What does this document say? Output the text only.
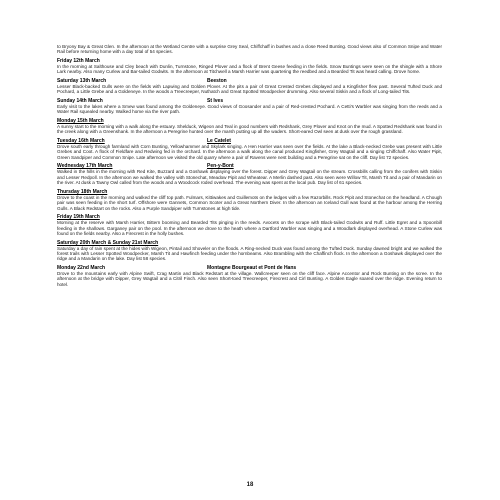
to Bryony Bay & Great Glen. In the afternoon at the Wetland Centre with a surprise Grey Seal, Chiffchaff in bushes and a close Reed Bunting. Good views also of Common Snipe and Water Rail before returning home with a day total of 54 species.

Friday 12th March

In the morning at Salthouse and Cley beach with Dunlin, Turnstone, Ringed Plover and a flock of Brent Geese feeding in the fields. Snow Buntings were seen on the shingle with a Shore Lark nearby. Also many Curlew and Bar-tailed Godwits. In the afternoon at Titchwell a Marsh Harrier was quartering the reedbed and a Bearded Tit was heard calling. Drove home.

Saturday 13th March	Beeston

Lesser Black-backed Gulls were on the fields with Lapwing and Golden Plover. At the pits a pair of Great Crested Grebes displayed and a Kingfisher flew past. Several Tufted Duck and Pochard, a Little Grebe and a Goldeneye. In the woods a Treecreeper, Nuthatch and Great Spotted Woodpecker drumming. Also several Siskin and a flock of Long-tailed Tits.

Sunday 14th March	St Ives

Early visit to the lakes where a Smew was found among the Goldeneye. Good views of Goosander and a pair of Red-crested Pochard. A Cetti's Warbler was singing from the reeds and a Water Rail squealed nearby. Walked home via the river path.

Monday 15th March

A sunny start to the morning with a walk along the estuary. Shelduck, Wigeon and Teal in good numbers with Redshank, Grey Plover and Knot on the mud. A Spotted Redshank was found in the creek along with a Greenshank. In the afternoon a Peregrine hunted over the marsh putting up all the waders. Short-eared Owl seen at dusk over the rough grassland.

Tuesday 16th March	Le Catelet

Drove south early through farmland with Corn Bunting, Yellowhammer and Skylark singing. A Hen Harrier was seen over the fields. At the lake a Black-necked Grebe was present with Little Grebes and Coot. A flock of Fieldfare and Redwing fed in the orchard. In the afternoon a walk along the canal produced Kingfisher, Grey Wagtail and a singing Chiffchaff. Also Water Pipit, Green Sandpiper and Common Snipe. Late afternoon we visited the old quarry where a pair of Ravens were nest building and a Peregrine sat on the cliff. Day list 72 species.

Wednesday 17th March	Pen-y-Bont

Walked in the hills in the morning with Red Kite, Buzzard and a Goshawk displaying over the forest. Dipper and Grey Wagtail on the stream. Crossbills calling from the conifers with Siskin and Lesser Redpoll. In the afternoon we walked the valley with Stonechat, Meadow Pipit and Wheatear. A Merlin dashed past. Also seen were Willow Tit, Marsh Tit and a pair of Mandarin on the river. At dusk a Tawny Owl called from the woods and a Woodcock roded overhead. The evening was spent at the local pub. Day list of 61 species.

Thursday 18th March

Drove to the coast in the morning and walked the cliff top path. Fulmars, Kittiwakes and Guillemots on the ledges with a few Razorbills. Rock Pipit and Stonechat on the headland. A Chough pair was seen feeding in the short turf. Offshore were Gannets, Common Scoter and a Great Northern Diver. In the afternoon an Iceland Gull was found at the harbour among the Herring Gulls. A Black Redstart on the rocks. Also a Purple Sandpiper with Turnstones at high tide.

Friday 19th March

Morning at the reserve with Marsh Harrier, Bittern booming and Bearded Tits pinging in the reeds. Avocets on the scrape with Black-tailed Godwits and Ruff. Little Egret and a Spoonbill feeding in the shallows. Garganey pair on the pool. In the afternoon we drove to the heath where a Dartford Warbler was singing and a Woodlark displayed overhead. A Stone Curlew was found on the fields nearby. Also a Firecrest in the holly bushes.

Saturday 20th March & Sunday 21st March

Saturday a day of rain spent at the hides with Wigeon, Pintail and Shoveler on the floods. A Ring-necked Duck was found among the Tufted Duck. Sunday dawned bright and we walked the forest trails with Lesser Spotted Woodpecker, Marsh Tit and Hawfinch feeding under the hornbeams. Also Brambling with the Chaffinch flock. In the afternoon a Goshawk displayed over the ridge and a Mandarin on the lake. Day list 58 species.

Monday 22nd March	Montagne Bourgeaut et Pont de Hans

Drove to the mountains early with Alpine Swift, Crag Martin and Black Redstart at the village. Wallcreeper seen on the cliff face. Alpine Accentor and Rock Bunting on the scree. In the afternoon at the bridge with Dipper, Grey Wagtail and a Citril Finch. Also seen Short-toed Treecreeper, Firecrest and Cirl Bunting. A Golden Eagle soared over the ridge. Evening return to hotel.

18
